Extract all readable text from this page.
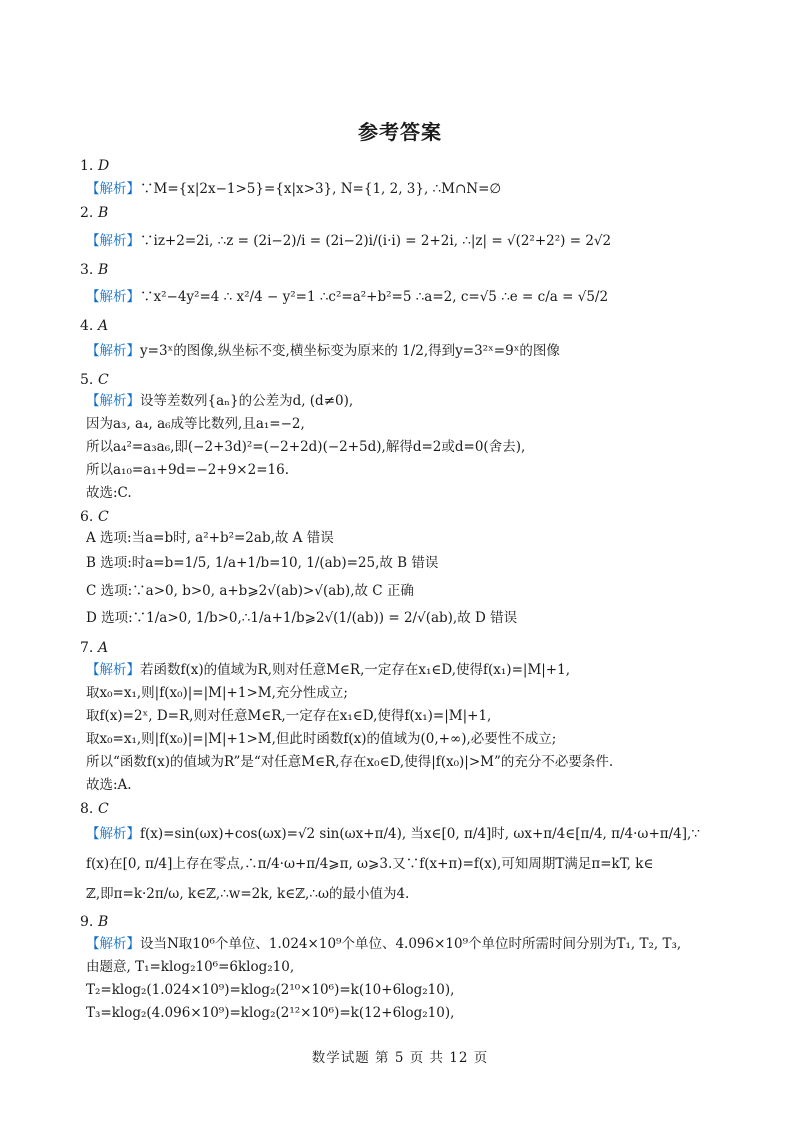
参考答案
1. D
【解析】∵M={x|2x−1>5}={x|x>3}, N={1, 2, 3}, ∴M∩N=∅
2. B
【解析】∵iz+2=2i, ∴z = (2i−2)/i = (2i−2)i/(i·i) = 2+2i, ∴|z| = √(2²+2²) = 2√2
3. B
【解析】∵x²−4y²=4 ∴ x²/4 − y²=1 ∴c²=a²+b²=5 ∴a=2, c=√5 ∴e = c/a = √5/2
4. A
【解析】y=3ˣ的图像,纵坐标不变,横坐标变为原来的 1/2,得到y=3²ˣ=9ˣ的图像
5. C
【解析】设等差数列{aₙ}的公差为d, (d≠0),
因为a₃, a₄, a₆成等比数列,且a₁=−2,
所以a₄²=a₃a₆,即(−2+3d)²=(−2+2d)(−2+5d),解得d=2或d=0(舍去),
所以a₁₀=a₁+9d=−2+9×2=16.
故选:C.
6. C
A 选项:当a=b时, a²+b²=2ab,故 A 错误
B 选项:时a=b=1/5, 1/a+1/b=10, 1/(ab)=25,故 B 错误
C 选项:∵a>0, b>0, a+b⩾2√(ab)>√(ab),故 C 正确
D 选项:∵1/a>0, 1/b>0,∴1/a+1/b⩾2√(1/(ab)) = 2/√(ab),故 D 错误
7. A
【解析】若函数f(x)的值域为R,则对任意M∈R,一定存在x₁∈D,使得f(x₁)=|M|+1,
取x₀=x₁,则|f(x₀)|=|M|+1>M,充分性成立;
取f(x)=2ˣ, D=R,则对任意M∈R,一定存在x₁∈D,使得f(x₁)=|M|+1,
取x₀=x₁,则|f(x₀)|=|M|+1>M,但此时函数f(x)的值域为(0,+∞),必要性不成立;
所以“函数f(x)的值域为R”是“对任意M∈R,存在x₀∈D,使得|f(x₀)|>M”的充分不必要条件.
故选:A.
8. C
【解析】f(x)=sin(ωx)+cos(ωx)=√2 sin(ωx+π/4), 当x∈[0, π/4]时, ωx+π/4∈[π/4, π/4·ω+π/4],∵
f(x)在[0, π/4]上存在零点,∴π/4·ω+π/4⩾π, ω⩾3.又∵f(x+π)=f(x),可知周期T满足π=kT, k∈
ℤ,即π=k·2π/ω, k∈ℤ,∴w=2k, k∈ℤ,∴ω的最小值为4.
9. B
【解析】设当N取10⁶个单位、1.024×10⁹个单位、4.096×10⁹个单位时所需时间分别为T₁, T₂, T₃,
由题意, T₁=klog₂10⁶=6klog₂10,
T₂=klog₂(1.024×10⁹)=klog₂(2¹⁰×10⁶)=k(10+6log₂10),
T₃=klog₂(4.096×10⁹)=klog₂(2¹²×10⁶)=k(12+6log₂10),
数学试题 第 5 页 共 12 页
